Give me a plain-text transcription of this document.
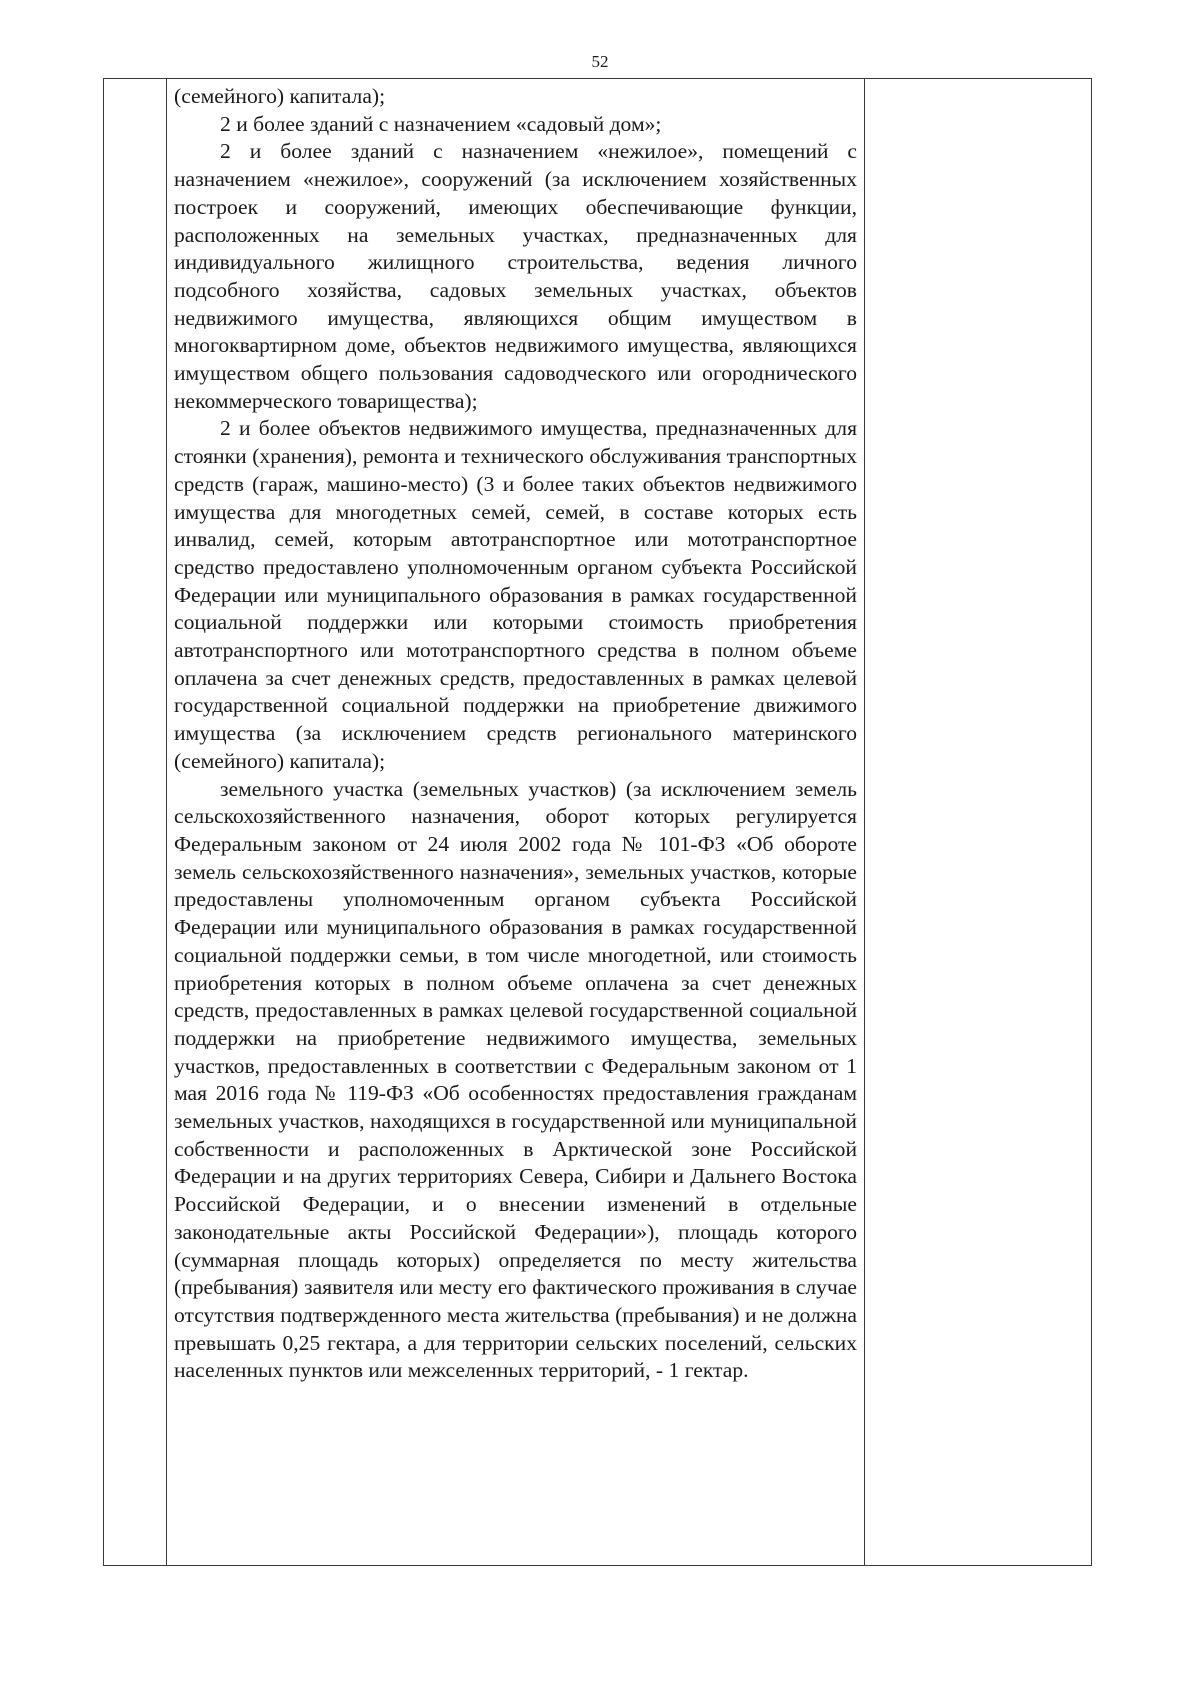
52

(семейного) капитала);

2 и более зданий с назначением «садовый дом»;

2 и более зданий с назначением «нежилое», помещений с назначением «нежилое», сооружений (за исключением хозяйственных построек и сооружений, имеющих обеспечивающие функции, расположенных на земельных участках, предназначенных для индивидуального жилищного строительства, ведения личного подсобного хозяйства, садовых земельных участках, объектов недвижимого имущества, являющихся общим имуществом в многоквартирном доме, объектов недвижимого имущества, являющихся имуществом общего пользования садоводческого или огороднического некоммерческого товарищества);

2 и более объектов недвижимого имущества, предназначенных для стоянки (хранения), ремонта и технического обслуживания транспортных средств (гараж, машино-место) (3 и более таких объектов недвижимого имущества для многодетных семей, семей, в составе которых есть инвалид, семей, которым автотранспортное или мототранспортное средство предоставлено уполномоченным органом субъекта Российской Федерации или муниципального образования в рамках государственной социальной поддержки или которыми стоимость приобретения автотранспортного или мототранспортного средства в полном объеме оплачена за счет денежных средств, предоставленных в рамках целевой государственной социальной поддержки на приобретение движимого имущества (за исключением средств регионального материнского (семейного) капитала);

земельного участка (земельных участков) (за исключением земель сельскохозяйственного назначения, оборот которых регулируется Федеральным законом от 24 июля 2002 года № 101-ФЗ «Об обороте земель сельскохозяйственного назначения», земельных участков, которые предоставлены уполномоченным органом субъекта Российской Федерации или муниципального образования в рамках государственной социальной поддержки семьи, в том числе многодетной, или стоимость приобретения которых в полном объеме оплачена за счет денежных средств, предоставленных в рамках целевой государственной социальной поддержки на приобретение недвижимого имущества, земельных участков, предоставленных в соответствии с Федеральным законом от 1 мая 2016 года № 119-ФЗ «Об особенностях предоставления гражданам земельных участков, находящихся в государственной или муниципальной собственности и расположенных в Арктической зоне Российской Федерации и на других территориях Севера, Сибири и Дальнего Востока Российской Федерации, и о внесении изменений в отдельные законодательные акты Российской Федерации»), площадь которого (суммарная площадь которых) определяется по месту жительства (пребывания) заявителя или месту его фактического проживания в случае отсутствия подтвержденного места жительства (пребывания) и не должна превышать 0,25 гектара, а для территории сельских поселений, сельских населенных пунктов или межселенных территорий, - 1 гектар.
